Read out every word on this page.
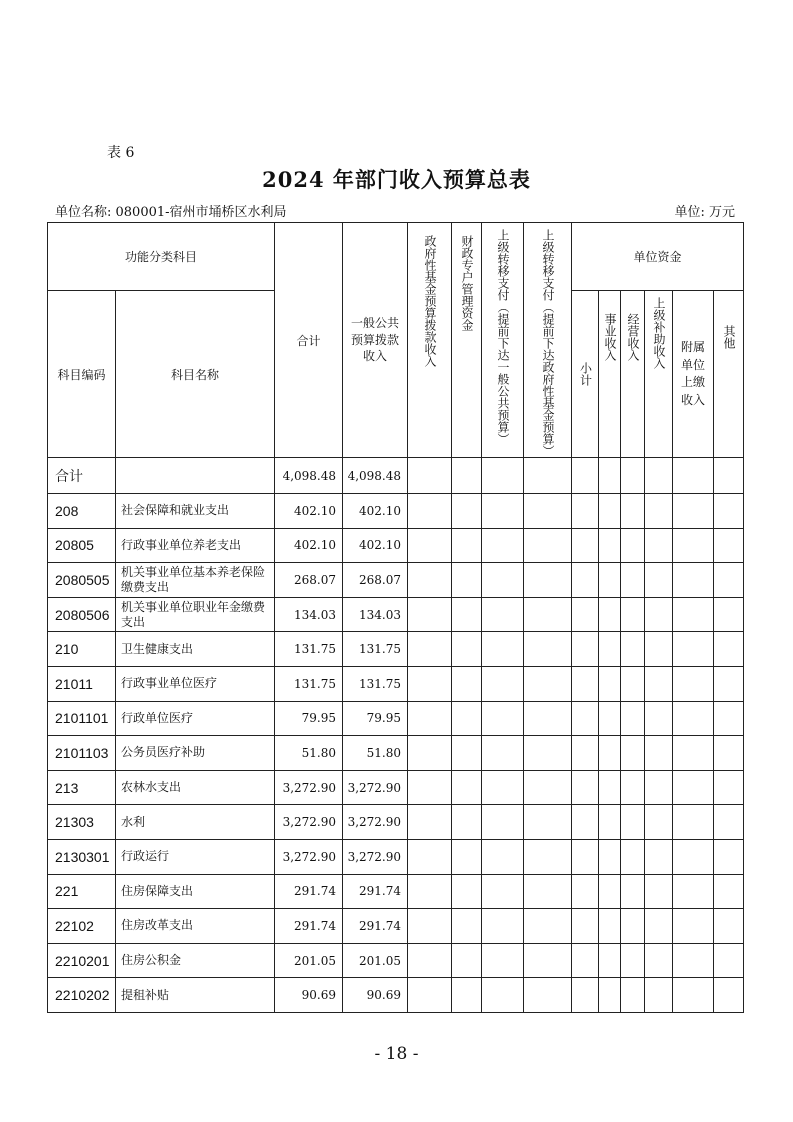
表 6
2024 年部门收入预算总表
单位名称: 080001-宿州市埇桥区水利局	单位: 万元
功能分类科目		合计	一般公共预算拨款收入	政府性基金预算拨款收入	财政专户管理资金	上级转移支付（提前下达一般公共预算）	上级转移支付（提前下达政府性基金预算）	单位资金					
科目编码	科目名称							小计	事业收入	经营收入	上级补助收入	附属单位上缴收入	其他

合计		4,098.48	4,098.48										
208	社会保障和就业支出	402.10	402.10										
20805	行政事业单位养老支出	402.10	402.10										
2080505	机关事业单位基本养老保险缴费支出	268.07	268.07										
2080506	机关事业单位职业年金缴费支出	134.03	134.03										
210	卫生健康支出	131.75	131.75										
21011	行政事业单位医疗	131.75	131.75										
2101101	行政单位医疗	79.95	79.95										
2101103	公务员医疗补助	51.80	51.80										
213	农林水支出	3,272.90	3,272.90										
21303	水利	3,272.90	3,272.90										
2130301	行政运行	3,272.90	3,272.90										
221	住房保障支出	291.74	291.74										
22102	住房改革支出	291.74	291.74										
2210201	住房公积金	201.05	201.05										
2210202	提租补贴	90.69	90.69										
- 18 -
